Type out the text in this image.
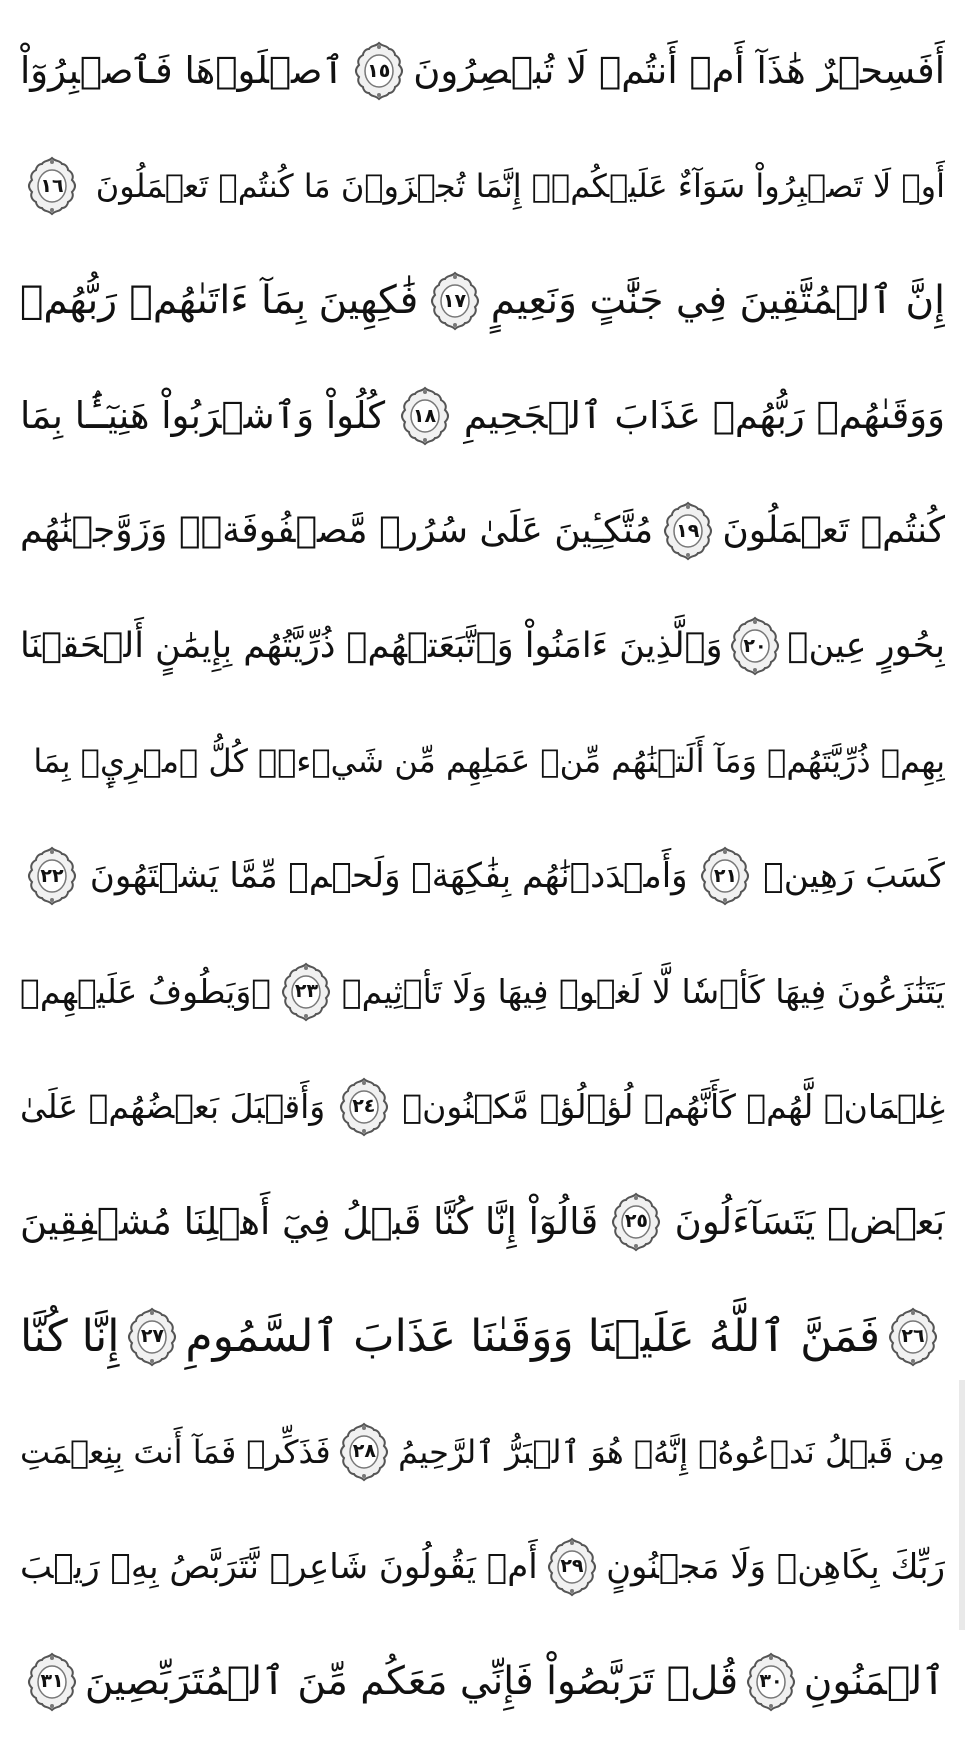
أَفَسِحۡرٌ هَٰذَآ أَمۡ أَنتُمۡ لَا تُبۡصِرُونَ
١٥
ٱصۡلَوۡهَا فَٱصۡبِرُوٓاْ
أَوۡ لَا تَصۡبِرُواْ سَوَآءٌ عَلَيۡكُمۡۖ إِنَّمَا تُجۡزَوۡنَ مَا كُنتُمۡ تَعۡمَلُونَ
١٦
إِنَّ ٱلۡمُتَّقِينَ فِي جَنَّٰتٍ وَنَعِيمٍ
١٧
فَٰكِهِينَ بِمَآ ءَاتَىٰهُمۡ رَبُّهُمۡ
وَوَقَىٰهُمۡ رَبُّهُمۡ عَذَابَ ٱلۡجَحِيمِ
١٨
كُلُواْ وَٱشۡرَبُواْ هَنِيٓـَٔۢا بِمَا
كُنتُمۡ تَعۡمَلُونَ
١٩
مُتَّكِـِٔينَ عَلَىٰ سُرُرٖ مَّصۡفُوفَةٖۖ وَزَوَّجۡنَٰهُم
بِحُورٍ عِينٖ
٢٠
وَٱلَّذِينَ ءَامَنُواْ وَٱتَّبَعَتۡهُمۡ ذُرِّيَّتُهُم بِإِيمَٰنٍ أَلۡحَقۡنَا
بِهِمۡ ذُرِّيَّتَهُمۡ وَمَآ أَلَتۡنَٰهُم مِّنۡ عَمَلِهِم مِّن شَيۡءٖۚ كُلُّ ٱمۡرِيِٕۭ بِمَا
كَسَبَ رَهِينٞ
٢١
وَأَمۡدَدۡنَٰهُم بِفَٰكِهَةٖ وَلَحۡمٖ مِّمَّا يَشۡتَهُونَ
٢٢
يَتَنَٰزَعُونَ فِيهَا كَأۡسٗا لَّا لَغۡوٞ فِيهَا وَلَا تَأۡثِيمٞ
٢٣
۞وَيَطُوفُ عَلَيۡهِمۡ
غِلۡمَانٞ لَّهُمۡ كَأَنَّهُمۡ لُؤۡلُؤٞ مَّكۡنُونٞ
٢٤
وَأَقۡبَلَ بَعۡضُهُمۡ عَلَىٰ
بَعۡضٖ يَتَسَآءَلُونَ
٢٥
قَالُوٓاْ إِنَّا كُنَّا قَبۡلُ فِيٓ أَهۡلِنَا مُشۡفِقِينَ
٢٦
فَمَنَّ ٱللَّهُ عَلَيۡنَا وَوَقَىٰنَا عَذَابَ ٱلسَّمُومِ
٢٧
إِنَّا كُنَّا
مِن قَبۡلُ نَدۡعُوهُۖ إِنَّهُۥ هُوَ ٱلۡبَرُّ ٱلرَّحِيمُ
٢٨
فَذَكِّرۡ فَمَآ أَنتَ بِنِعۡمَتِ
رَبِّكَ بِكَاهِنٖ وَلَا مَجۡنُونٍ
٢٩
أَمۡ يَقُولُونَ شَاعِرٞ نَّتَرَبَّصُ بِهِۦ رَيۡبَ
ٱلۡمَنُونِ
٣٠
قُلۡ تَرَبَّصُواْ فَإِنِّي مَعَكُم مِّنَ ٱلۡمُتَرَبِّصِينَ
٣١
